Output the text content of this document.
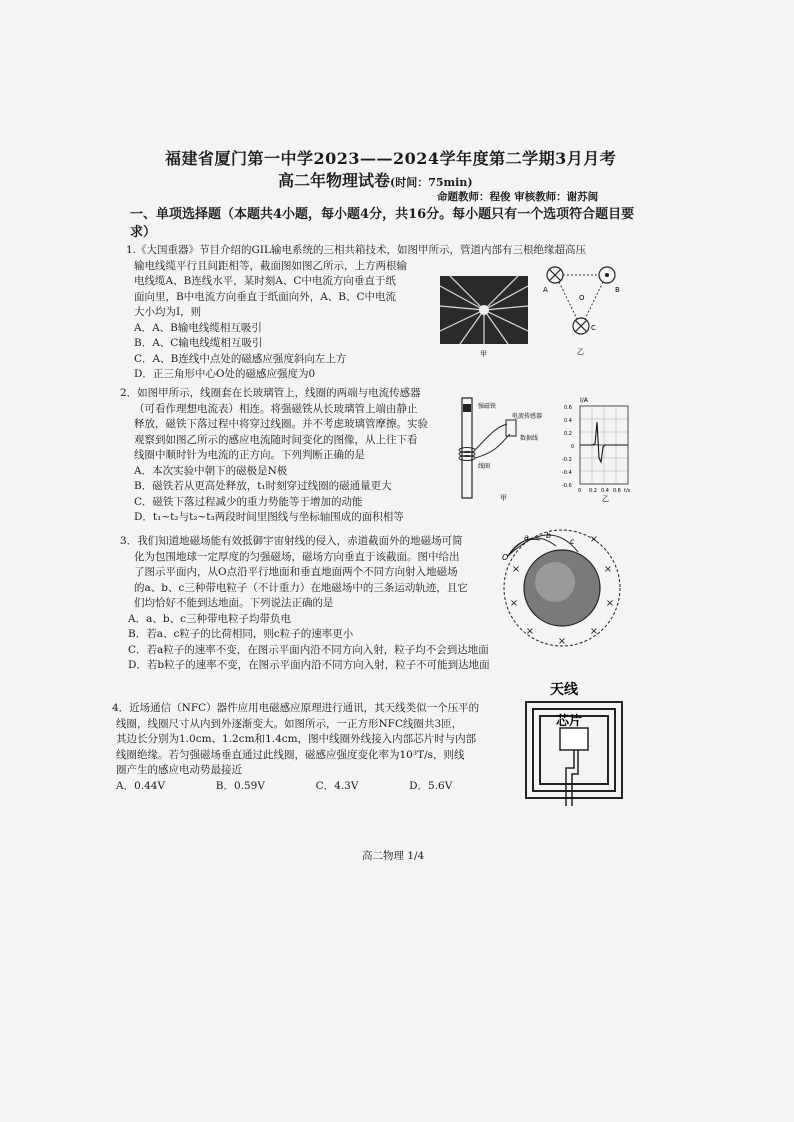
福建省厦门第一中学2023——2024学年度第二学期3月月考
高二年物理试卷(时间：75min)
命题教师：程俊 审核教师：谢苏闽
一、单项选择题（本题共4小题，每小题4分，共16分。每小题只有一个选项符合题目要求）

1.《大国重器》节目介绍的GIL输电系统的三相共箱技术，如图甲所示，管道内部有三根绝缘超高压

输电线缆平行且间距相等，截面图如图乙所示，上方两根输

电线缆A、B连线水平，某时刻A、C中电流方向垂直于纸

面向里，B中电流方向垂直于纸面向外，A、B、C中电流

大小均为I，则

A．A、B输电线缆相互吸引

B．A、C输电线缆相互吸引

C．A、B连线中点处的磁感应强度斜向左上方

D．正三角形中心O处的磁感应强度为0

甲
A	B
C
O
乙

2．如图甲所示，线圈套在长玻璃管上，线圈的两端与电流传感器

（可看作理想电流表）相连。将强磁铁从长玻璃管上端由静止

释放，磁铁下落过程中将穿过线圈。并不考虑玻璃管摩擦。实验

观察到如图乙所示的感应电流随时间变化的图像，从上往下看

线圈中顺时针为电流的正方向。下列判断正确的是

A．本次实验中朝下的磁极是N极

B．磁铁若从更高处释放，t₁时刻穿过线圈的磁通量更大

C．磁铁下落过程减少的重力势能等于增加的动能

D．t₁~t₂与t₂~t₃两段时间里图线与坐标轴围成的面积相等

强磁铁
电流传感器
数据线
线圈
甲
I/A
0.6
0.4
0.2
0
-0.2
-0.4
-0.6
0 0.2 0.4 0.6 t/s
乙

3．我们知道地磁场能有效抵御宇宙射线的侵入，赤道截面外的地磁场可简

化为包围地球一定厚度的匀强磁场，磁场方向垂直于该截面。图中给出

了图示平面内，从O点沿平行地面和垂直地面两个不同方向射入地磁场

的a、b、c三种带电粒子（不计重力）在地磁场中的三条运动轨迹，且它

们均恰好不能到达地面。下列说法正确的是

A．a、b、c三种带电粒子均带负电

B．若a、c粒子的比荷相同，则c粒子的速率更小

C．若a粒子的速率不变，在图示平面内沿不同方向入射，粒子均不会到达地面

D．若b粒子的速率不变，在图示平面内沿不同方向入射，粒子不可能到达地面

×
×
×
×
×
×
×
×
O
a b
c

4．近场通信（NFC）器件应用电磁感应原理进行通讯，其天线类似一个压平的

线圈，线圈尺寸从内到外逐渐变大。如图所示，一正方形NFC线圈共3匝，

其边长分别为1.0cm、1.2cm和1.4cm，图中线圈外线接入内部芯片时与内部

线圈绝缘。若匀强磁场垂直通过此线圈，磁感应强度变化率为10³T/s，则线

圈产生的感应电动势最接近

A．0.44V	B．0.59V	C．4.3V	D．5.6V

天线
芯片
高二物理 1/4
